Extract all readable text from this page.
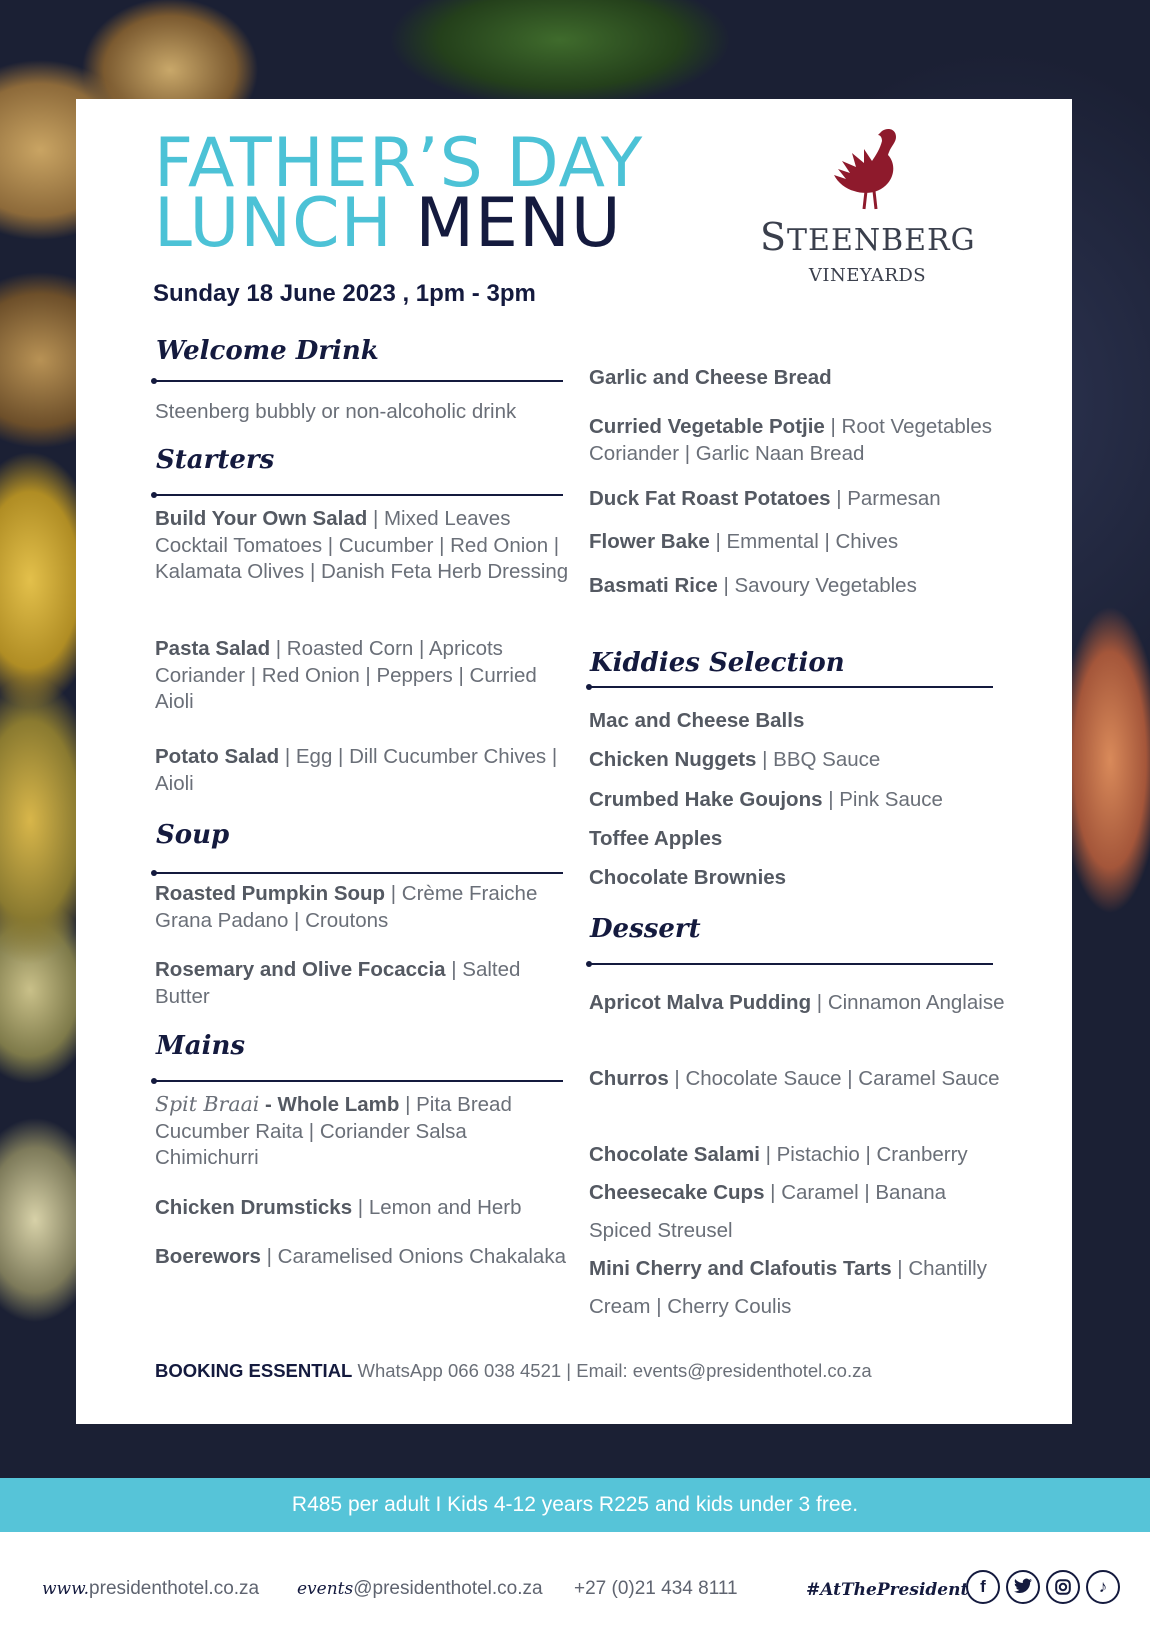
FATHER’S DAY
LUNCH MENU
Sunday 18 June 2023 , 1pm - 3pm
STEENBERG
VINEYARDS
Welcome Drink
Steenberg bubbly or non-alcoholic drink
Starters
Build Your Own Salad | Mixed Leaves Cocktail Tomatoes | Cucumber | Red Onion | Kalamata Olives | Danish Feta Herb Dressing
Pasta Salad | Roasted Corn | Apricots Coriander | Red Onion | Peppers | Curried Aioli
Potato Salad | Egg | Dill Cucumber Chives | Aioli
Soup
Roasted Pumpkin Soup | Crème Fraiche Grana Padano | Croutons
Rosemary and Olive Focaccia | Salted Butter
Mains
Spit Braai - Whole Lamb | Pita Bread Cucumber Raita | Coriander Salsa Chimichurri
Chicken Drumsticks | Lemon and Herb
Boerewors | Caramelised Onions Chakalaka
Garlic and Cheese Bread
Curried Vegetable Potjie | Root Vegetables Coriander | Garlic Naan Bread
Duck Fat Roast Potatoes | Parmesan
Flower Bake | Emmental | Chives
Basmati Rice | Savoury Vegetables
Kiddies Selection
Mac and Cheese Balls
Chicken Nuggets | BBQ Sauce
Crumbed Hake Goujons | Pink Sauce
Toffee Apples
Chocolate Brownies
Dessert
Apricot Malva Pudding | Cinnamon Anglaise
Churros | Chocolate Sauce | Caramel Sauce
Chocolate Salami | Pistachio | Cranberry
Cheesecake Cups | Caramel | Banana Spiced Streusel
Mini Cherry and Clafoutis Tarts | Chantilly Cream | Cherry Coulis
BOOKING ESSENTIAL WhatsApp 066 038 4521 | Email: events@presidenthotel.co.za
R485 per adult I Kids 4-12 years R225 and kids under 3 free.
www.presidenthotel.co.za events@presidenthotel.co.za +27 (0)21 434 8111	#AtThePresident f	♪
